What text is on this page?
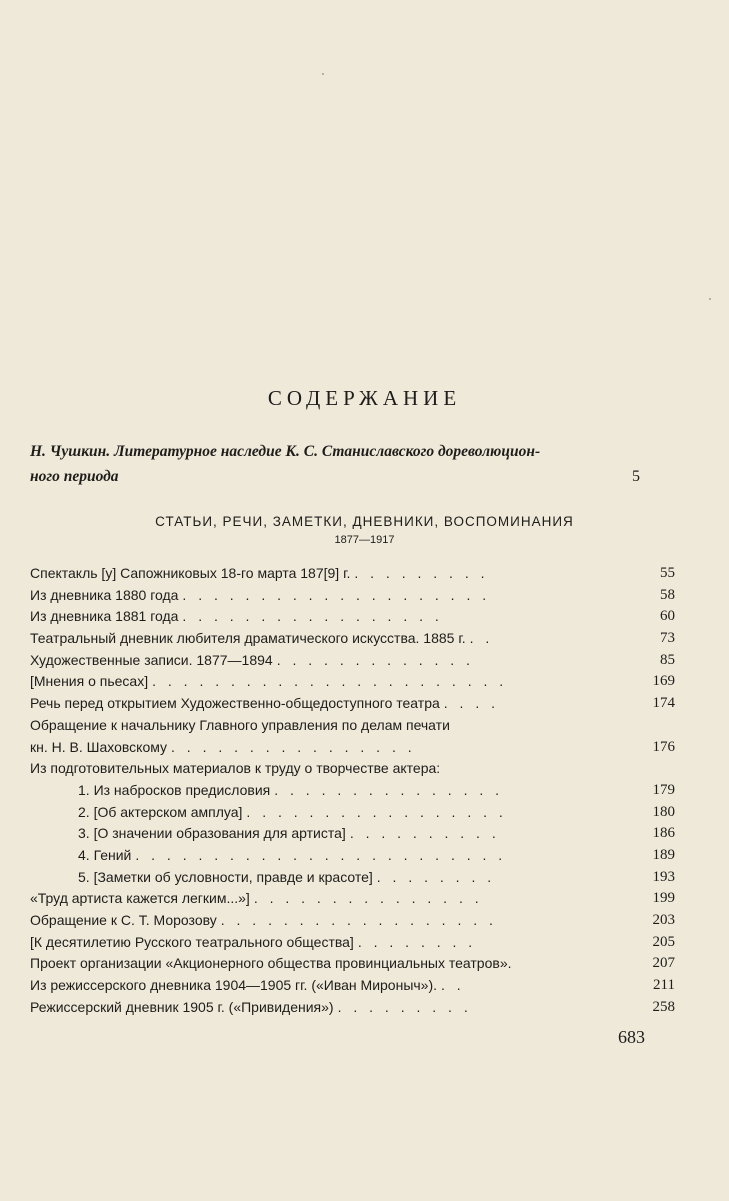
СОДЕРЖАНИЕ
Н. Чушкин. Литературное наследие К. С. Станиславского дореволюцион-
ного периода	5
СТАТЬИ, РЕЧИ, ЗАМЕТКИ, ДНЕВНИКИ, ВОСПОМИНАНИЯ
1877—1917
Спектакль [у] Сапожниковых 18-го марта 187[9] г. . . . . . . . . .	55
Из дневника 1880 года . . . . . . . . . . . . . . . . . . . .	58
Из дневника 1881 года . . . . . . . . . . . . . . . . .	60
Театральный дневник любителя драматического искусства. 1885 г. . .	73
Художественные записи. 1877—1894 . . . . . . . . . . . . .	85
[Мнения о пьесах] . . . . . . . . . . . . . . . . . . . . . . .	169
Речь перед открытием Художественно-общедоступного театра . . . .	174
Обращение к начальнику Главного управления по делам печати
кн. Н. В. Шаховскому . . . . . . . . . . . . . . . .	176
Из подготовительных материалов к труду о творчестве актера:
1. Из набросков предисловия . . . . . . . . . . . . . . .	179
2. [Об актерском амплуа] . . . . . . . . . . . . . . . . .	180
3. [О значении образования для артиста] . . . . . . . . . .	186
4. Гений . . . . . . . . . . . . . . . . . . . . . . . .	189
5. [Заметки об условности, правде и красоте] . . . . . . . .	193
«Труд артиста кажется легким...»] . . . . . . . . . . . . . . .	199
Обращение к С. Т. Морозову . . . . . . . . . . . . . . . . . .	203
[К десятилетию Русского театрального общества] . . . . . . . .	205
Проект организации «Акционерного общества провинциальных театров».	207
Из режиссерского дневника 1904—1905 гг. («Иван Мироныч»). . .	211
Режиссерский дневник 1905 г. («Привидения») . . . . . . . . .	258
683
